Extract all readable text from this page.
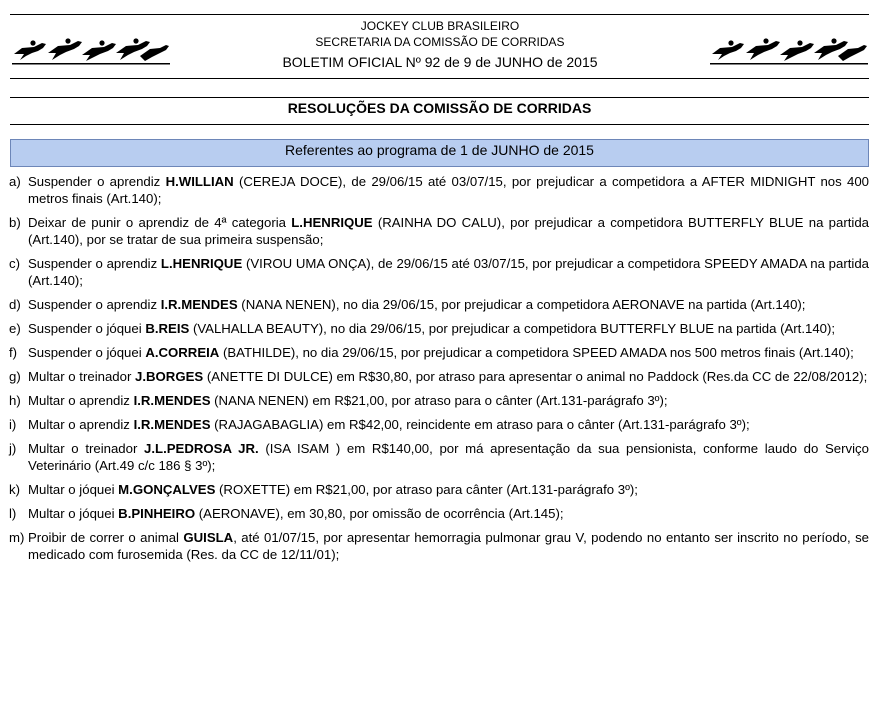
JOCKEY CLUB BRASILEIRO
SECRETARIA DA COMISSÃO DE CORRIDAS
BOLETIM OFICIAL Nº 92 de 9 de JUNHO de 2015
RESOLUÇÕES DA COMISSÃO DE CORRIDAS
Referentes ao programa de 1 de JUNHO de 2015
a) Suspender o aprendiz H.WILLIAN (CEREJA DOCE), de 29/06/15 até 03/07/15, por prejudicar a competidora a AFTER MIDNIGHT nos 400 metros finais (Art.140);
b) Deixar de punir o aprendiz de 4ª categoria L.HENRIQUE (RAINHA DO CALU), por prejudicar a competidora BUTTERFLY BLUE na partida (Art.140), por se tratar de sua primeira suspensão;
c) Suspender o aprendiz L.HENRIQUE (VIROU UMA ONÇA), de 29/06/15 até 03/07/15, por prejudicar a competidora SPEEDY AMADA na partida (Art.140);
d) Suspender o aprendiz I.R.MENDES (NANA NENEN), no dia 29/06/15, por prejudicar a competidora AERONAVE na partida (Art.140);
e) Suspender o jóquei B.REIS (VALHALLA BEAUTY), no dia 29/06/15, por prejudicar a competidora BUTTERFLY BLUE na partida (Art.140);
f) Suspender o jóquei A.CORREIA (BATHILDE), no dia 29/06/15, por prejudicar a competidora SPEED AMADA nos 500 metros finais (Art.140);
g) Multar o treinador J.BORGES (ANETTE DI DULCE) em R$30,80, por atraso para apresentar o animal no Paddock (Res.da CC de 22/08/2012);
h) Multar o aprendiz I.R.MENDES (NANA NENEN) em R$21,00, por atraso para o cânter (Art.131-parágrafo 3º);
i) Multar o aprendiz I.R.MENDES (RAJAGABAGLIA) em R$42,00, reincidente em atraso para o cânter (Art.131-parágrafo 3º);
j) Multar o treinador J.L.PEDROSA JR. (ISA ISAM ) em R$140,00, por má apresentação da sua pensionista, conforme laudo do Serviço Veterinário (Art.49 c/c 186 § 3º);
k) Multar o jóquei M.GONÇALVES (ROXETTE) em R$21,00, por atraso para cânter (Art.131-parágrafo 3º);
l) Multar o jóquei B.PINHEIRO (AERONAVE), em 30,80, por omissão de ocorrência (Art.145);
m) Proibir de correr o animal GUISLA, até 01/07/15, por apresentar hemorragia pulmonar grau V, podendo no entanto ser inscrito no período, se medicado com furosemida (Res. da CC de 12/11/01);
